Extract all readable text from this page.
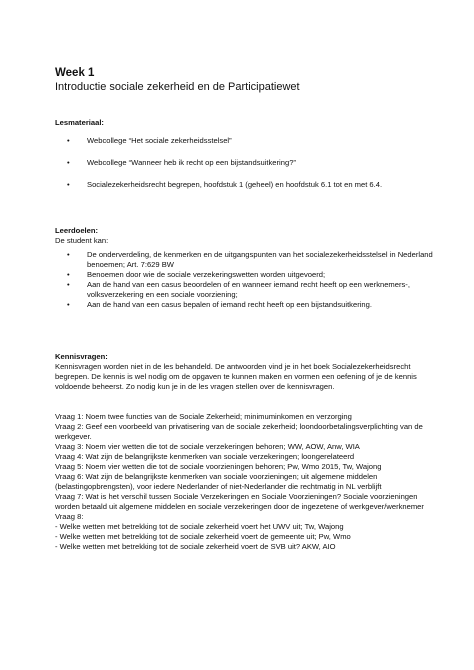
Week 1

Introductie sociale zekerheid en de Participatiewet

Lesmateriaal:

• Webcollege “Het sociale zekerheidsstelsel”
• Webcollege “Wanneer heb ik recht op een bijstandsuitkering?”
• Socialezekerheidsrecht begrepen, hoofdstuk 1 (geheel) en hoofdstuk 6.1 tot en met 6.4.

Leerdoelen:

De student kan:

• De onderverdeling, de kenmerken en de uitgangspunten van het socialezekerheidsstelsel in Nederland benoemen; Art. 7:629 BW
• Benoemen door wie de sociale verzekeringswetten worden uitgevoerd;
• Aan de hand van een casus beoordelen of en wanneer iemand recht heeft op een werknemers-, volksverzekering en een sociale voorziening;
• Aan de hand van een casus bepalen of iemand recht heeft op een bijstandsuitkering.

Kennisvragen:

Kennisvragen worden niet in de les behandeld. De antwoorden vind je in het boek Socialezekerheidsrecht begrepen. De kennis is wel nodig om de opgaven te kunnen maken en vormen een oefening of je de kennis voldoende beheerst. Zo nodig kun je in de les vragen stellen over de kennisvragen.

Vraag 1: Noem twee functies van de Sociale Zekerheid; minimuminkomen en verzorging

Vraag 2: Geef een voorbeeld van privatisering van de sociale zekerheid; loondoorbetalingsverplichting van de werkgever.

Vraag 3: Noem vier wetten die tot de sociale verzekeringen behoren; WW, AOW, Anw, WIA

Vraag 4: Wat zijn de belangrijkste kenmerken van sociale verzekeringen; loongerelateerd

Vraag 5: Noem vier wetten die tot de sociale voorzieningen behoren; Pw, Wmo 2015, Tw, Wajong

Vraag 6: Wat zijn de belangrijkste kenmerken van sociale voorzieningen; uit algemene middelen (belastingopbrengsten), voor iedere Nederlander of niet-Nederlander die rechtmatig in NL verblijft

Vraag 7: Wat is het verschil tussen Sociale Verzekeringen en Sociale Voorzieningen? Sociale voorzieningen worden betaald uit algemene middelen en sociale verzekeringen door de ingezetene of werkgever/werknemer

Vraag 8:

- Welke wetten met betrekking tot de sociale zekerheid voert het UWV uit; Tw, Wajong

- Welke wetten met betrekking tot de sociale zekerheid voert de gemeente uit; Pw, Wmo

- Welke wetten met betrekking tot de sociale zekerheid voert de SVB uit? AKW, AIO
